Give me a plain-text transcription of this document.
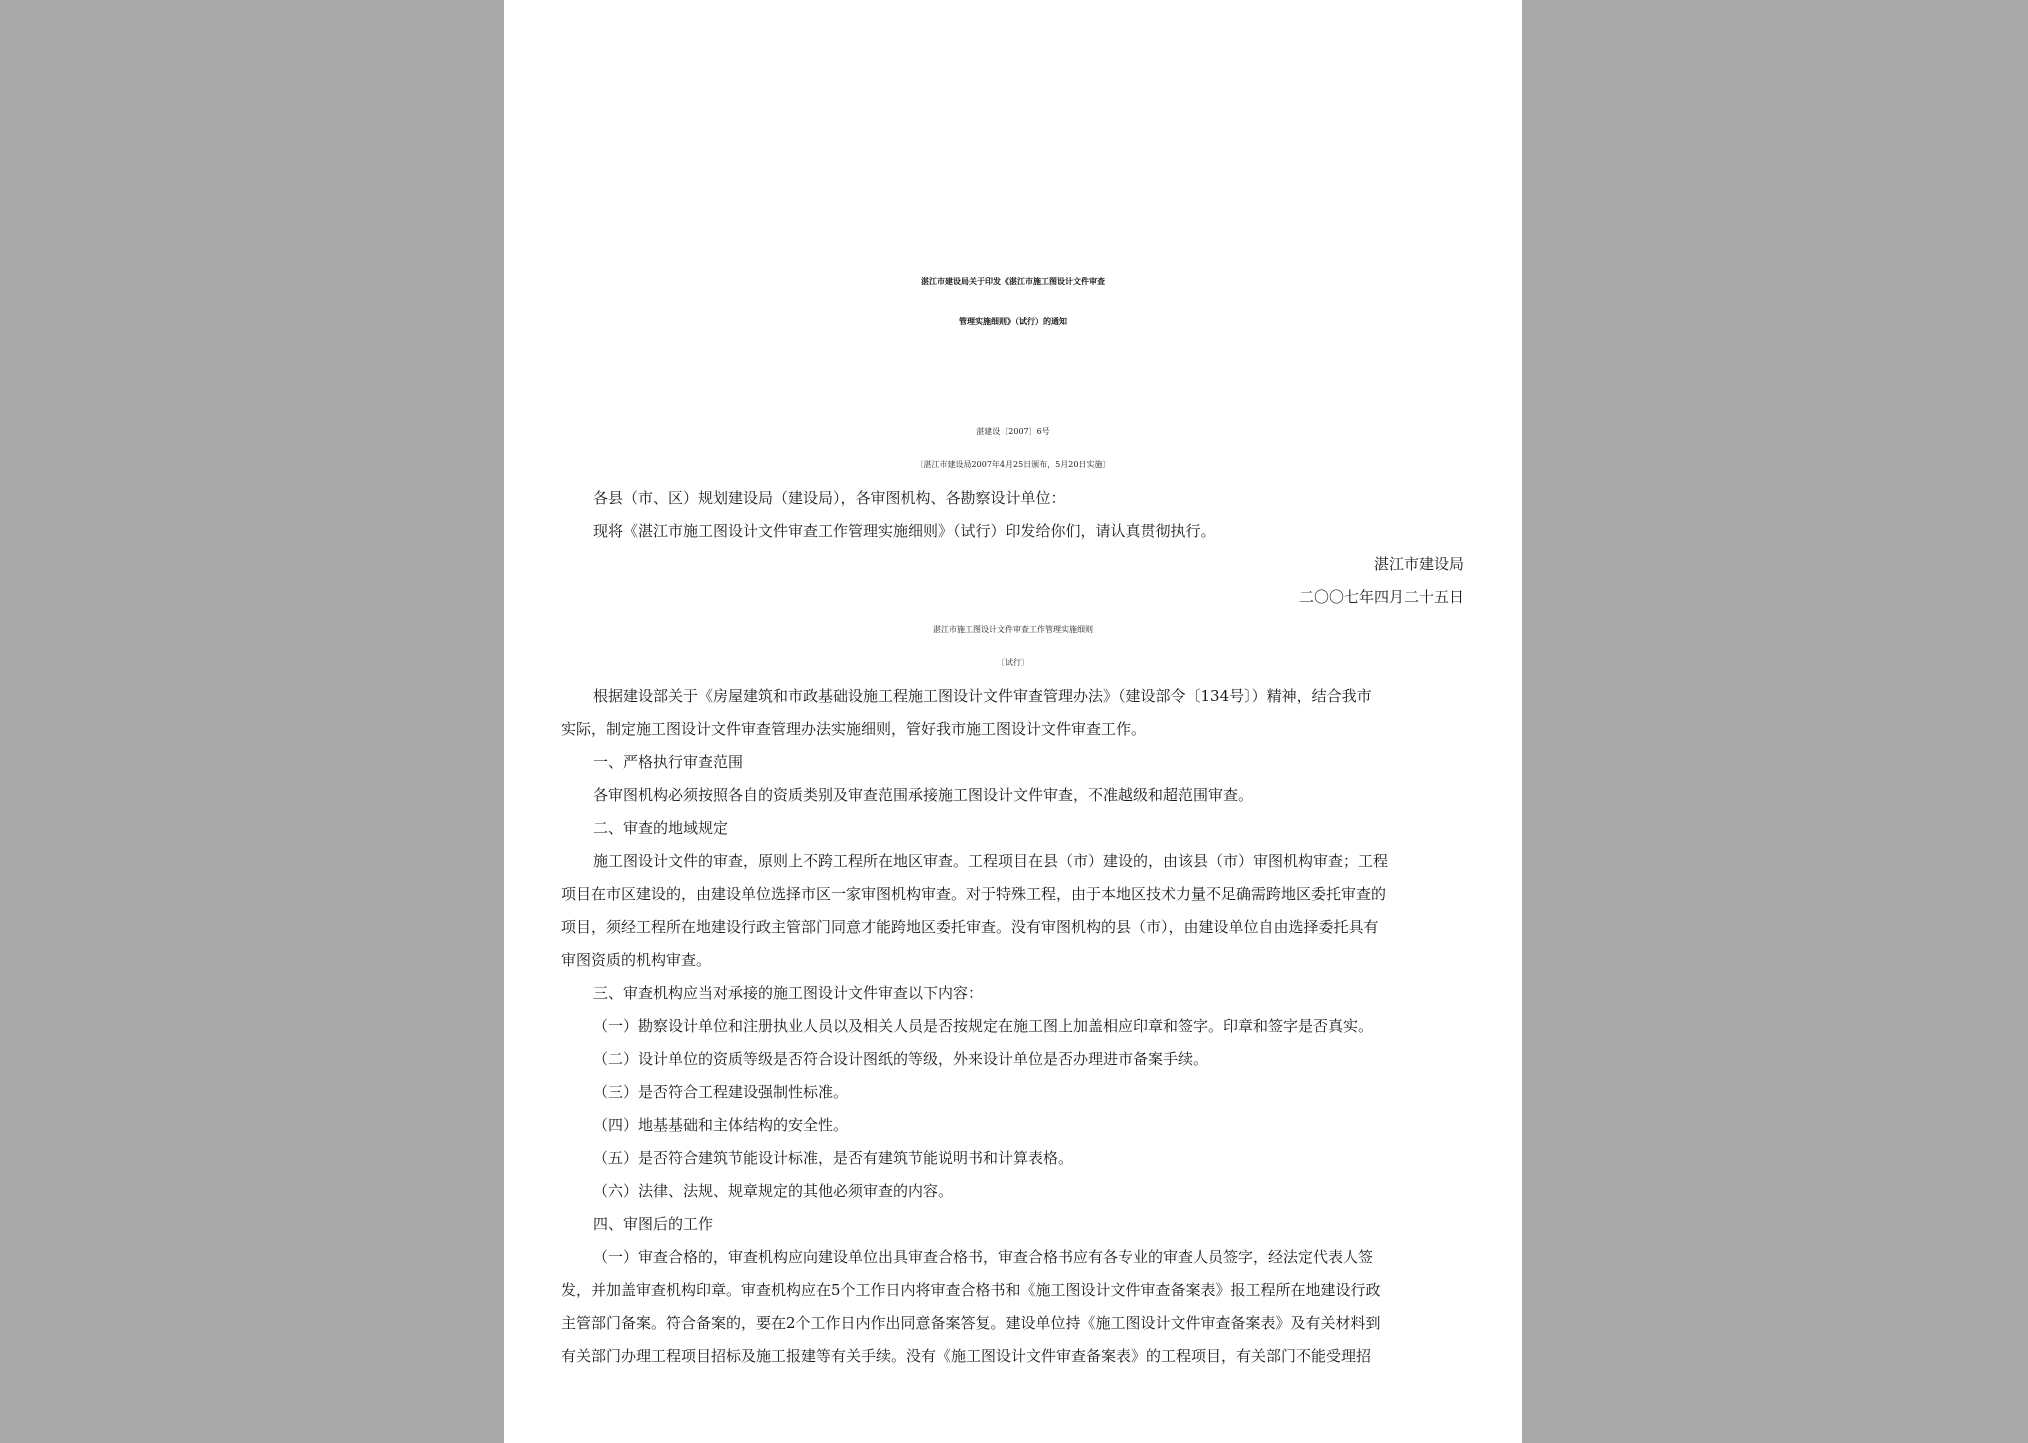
湛江市建设局关于印发《湛江市施工图设计文件审查
管理实施细则》（试行）的通知
湛建设〔2007〕6号
〔湛江市建设局2007年4月25日颁布，5月20日实施〕
各县（市、区）规划建设局（建设局），各审图机构、各勘察设计单位：
现将《湛江市施工图设计文件审查工作管理实施细则》（试行）印发给你们，请认真贯彻执行。
湛江市建设局
二〇〇七年四月二十五日
湛江市施工图设计文件审查工作管理实施细则
〔试行〕
根据建设部关于《房屋建筑和市政基础设施工程施工图设计文件审查管理办法》（建设部令〔134号〕）精神，结合我市
实际，制定施工图设计文件审查管理办法实施细则，管好我市施工图设计文件审查工作。
一、严格执行审查范围
各审图机构必须按照各自的资质类别及审查范围承接施工图设计文件审查，不准越级和超范围审查。
二、审查的地域规定
施工图设计文件的审查，原则上不跨工程所在地区审查。工程项目在县（市）建设的，由该县（市）审图机构审查；工程
项目在市区建设的，由建设单位选择市区一家审图机构审查。对于特殊工程，由于本地区技术力量不足确需跨地区委托审查的
项目，须经工程所在地建设行政主管部门同意才能跨地区委托审查。没有审图机构的县（市），由建设单位自由选择委托具有
审图资质的机构审查。
三、审查机构应当对承接的施工图设计文件审查以下内容：
（一）勘察设计单位和注册执业人员以及相关人员是否按规定在施工图上加盖相应印章和签字。印章和签字是否真实。
（二）设计单位的资质等级是否符合设计图纸的等级，外来设计单位是否办理进市备案手续。
（三）是否符合工程建设强制性标准。
（四）地基基础和主体结构的安全性。
（五）是否符合建筑节能设计标准，是否有建筑节能说明书和计算表格。
（六）法律、法规、规章规定的其他必须审查的内容。
四、审图后的工作
（一）审查合格的，审查机构应向建设单位出具审查合格书，审查合格书应有各专业的审查人员签字，经法定代表人签
发，并加盖审查机构印章。审查机构应在5个工作日内将审查合格书和《施工图设计文件审查备案表》报工程所在地建设行政
主管部门备案。符合备案的，要在2个工作日内作出同意备案答复。建设单位持《施工图设计文件审查备案表》及有关材料到
有关部门办理工程项目招标及施工报建等有关手续。没有《施工图设计文件审查备案表》的工程项目，有关部门不能受理招
